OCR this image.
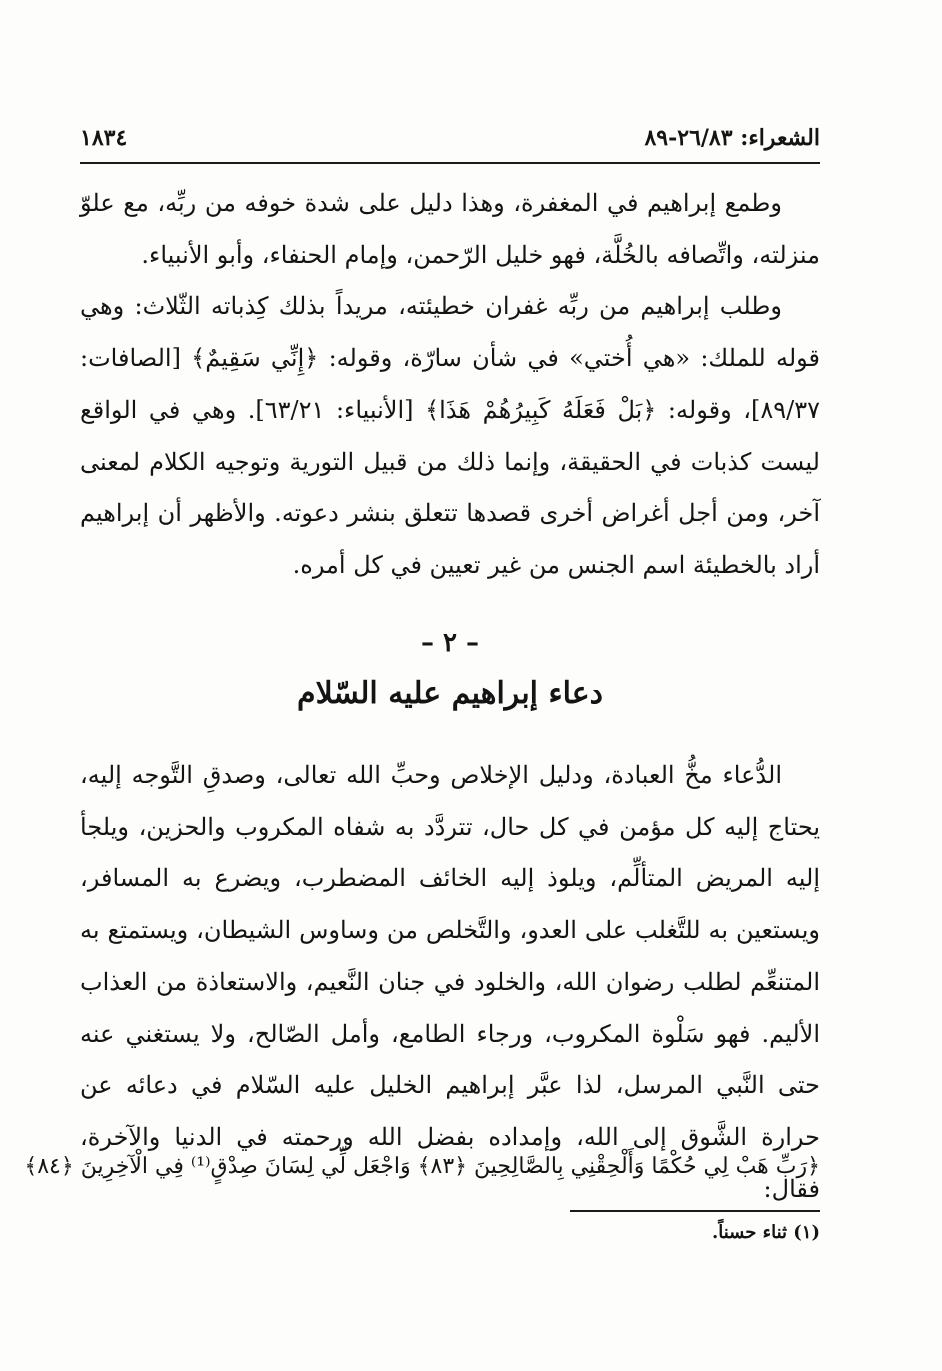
الشعراء: ٢٦/٨٣-٨٩
١٨٣٤

وطمع إبراهيم في المغفرة، وهذا دليل على شدة خوفه من ربِّه، مع علوّ منزلته، واتِّصافه بالخُلَّة، فهو خليل الرّحمن، وإمام الحنفاء، وأبو الأنبياء.

وطلب إبراهيم من ربِّه غفران خطيئته، مريداً بذلك كِذباته الثّلاث: وهي قوله للملك: «هي أُختي» في شأن سارّة، وقوله: ﴿إِنِّي سَقِيمٌ﴾ [الصافات: ٨٩/٣٧]، وقوله: ﴿بَلْ فَعَلَهُ كَبِيرُهُمْ هَذَا﴾ [الأنبياء: ٦٣/٢١]. وهي في الواقع ليست كذبات في الحقيقة، وإنما ذلك من قبيل التورية وتوجيه الكلام لمعنى آخر، ومن أجل أغراض أخرى قصدها تتعلق بنشر دعوته. والأظهر أن إبراهيم أراد بالخطيئة اسم الجنس من غير تعيين في كل أمره.

– ٢ –
دعاء إبراهيم عليه السّلام

الدُّعاء مخُّ العبادة، ودليل الإخلاص وحبِّ الله تعالى، وصدقِ التَّوجه إليه، يحتاج إليه كل مؤمن في كل حال، تتردَّد به شفاه المكروب والحزين، ويلجأ إليه المريض المتألِّم، ويلوذ إليه الخائف المضطرب، ويضرع به المسافر، ويستعين به للتَّغلب على العدو، والتَّخلص من وساوس الشيطان، ويستمتع به المتنعِّم لطلب رضوان الله، والخلود في جنان النَّعيم، والاستعاذة من العذاب الأليم. فهو سَلْوة المكروب، ورجاء الطامع، وأمل الصّالح، ولا يستغني عنه حتى النَّبي المرسل، لذا عبَّر إبراهيم الخليل عليه السّلام في دعائه عن حرارة الشَّوق إلى الله، وإمداده بفضل الله ورحمته في الدنيا والآخرة، فقال:

﴿رَبِّ هَبْ لِي حُكْمًا وَأَلْحِقْنِي بِالصَّالِحِينَ ﴿٨٣﴾ وَاجْعَل لِّي لِسَانَ صِدْقٍ⁽¹⁾ فِي الْآخِرِينَ ﴿٨٤﴾
(١) ثناء حسناً.
